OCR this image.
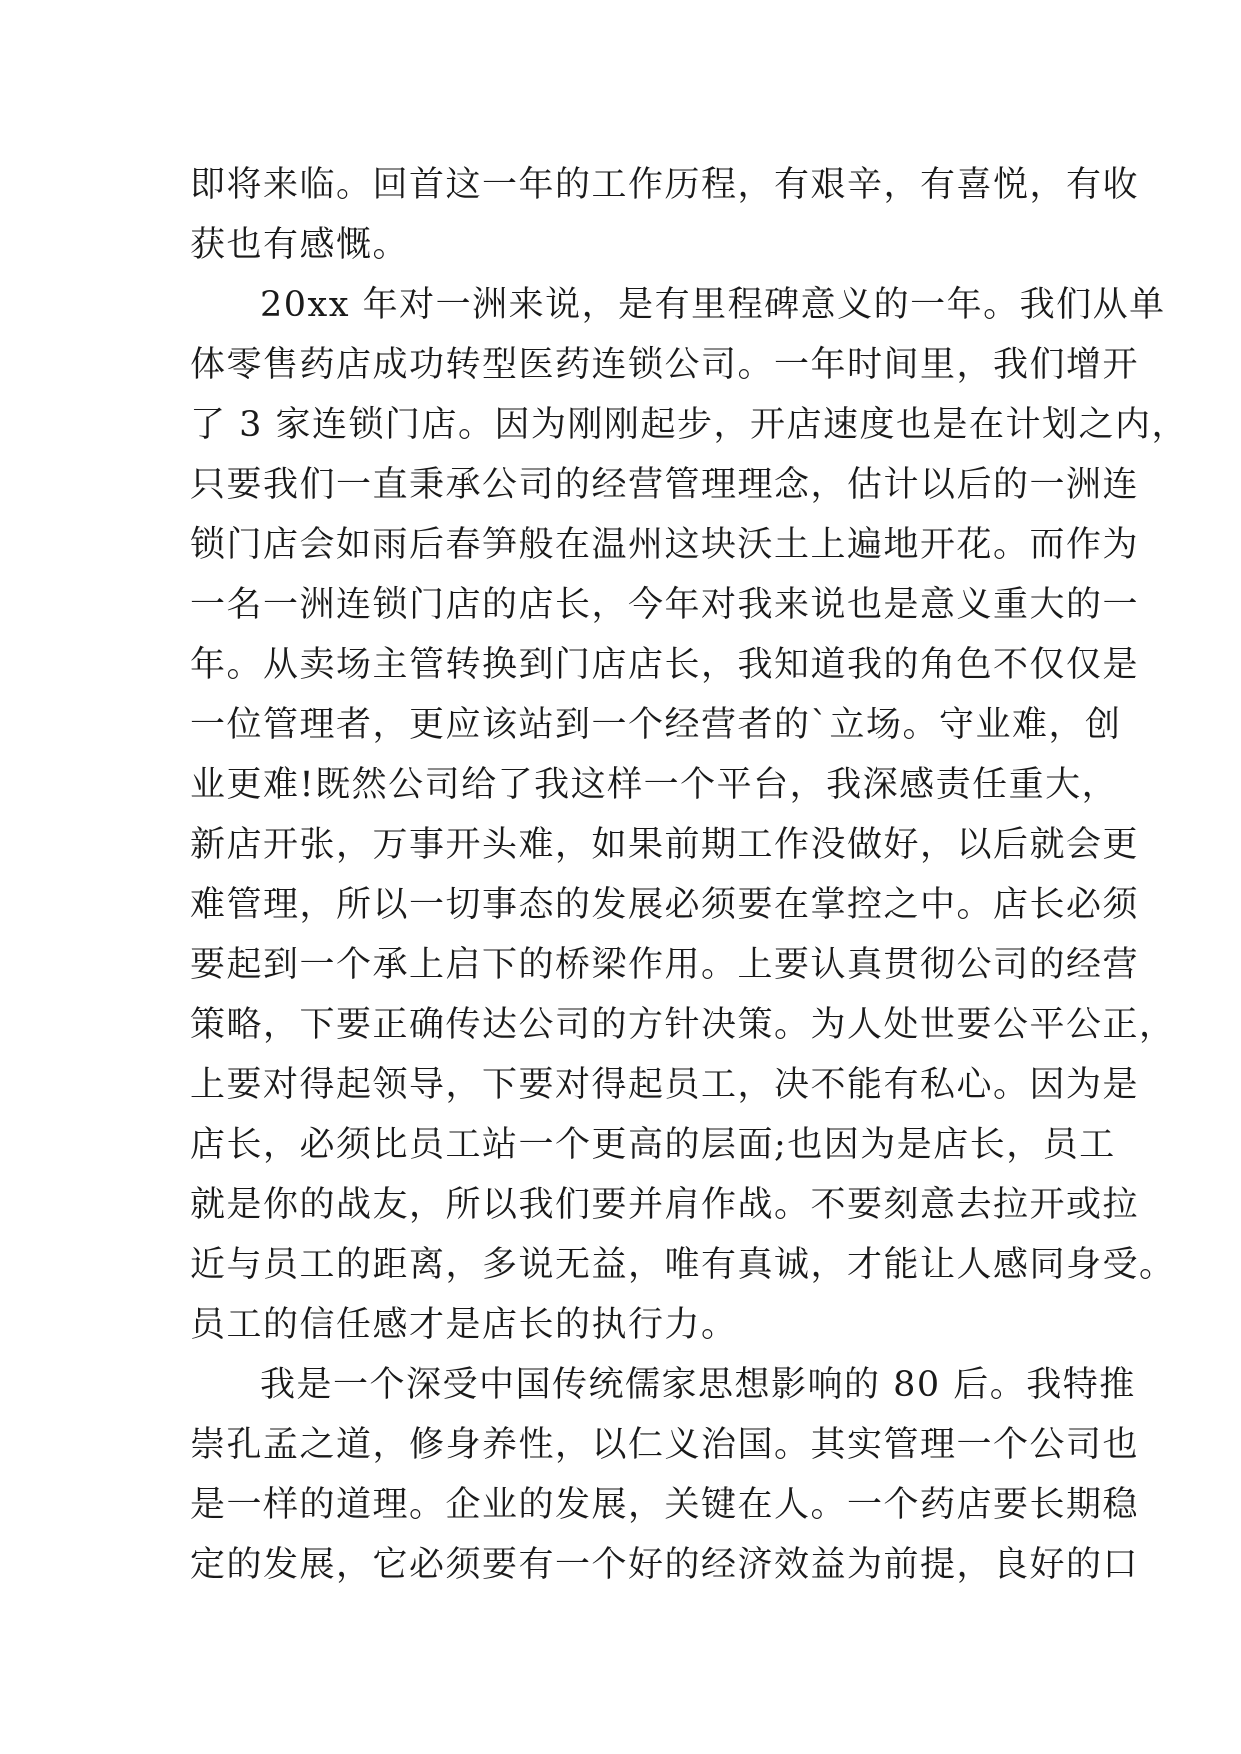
即将来临。回首这一年的工作历程，有艰辛，有喜悦，有收
获也有感慨。
20xx 年对一洲来说，是有里程碑意义的一年。我们从单
体零售药店成功转型医药连锁公司。一年时间里，我们增开
了 3 家连锁门店。因为刚刚起步，开店速度也是在计划之内，
只要我们一直秉承公司的经营管理理念，估计以后的一洲连
锁门店会如雨后春笋般在温州这块沃土上遍地开花。而作为
一名一洲连锁门店的店长，今年对我来说也是意义重大的一
年。从卖场主管转换到门店店长，我知道我的角色不仅仅是
一位管理者，更应该站到一个经营者的`立场。守业难，创
业更难!既然公司给了我这样一个平台，我深感责任重大，
新店开张，万事开头难，如果前期工作没做好，以后就会更
难管理，所以一切事态的发展必须要在掌控之中。店长必须
要起到一个承上启下的桥梁作用。上要认真贯彻公司的经营
策略，下要正确传达公司的方针决策。为人处世要公平公正，
上要对得起领导，下要对得起员工，决不能有私心。因为是
店长，必须比员工站一个更高的层面;也因为是店长，员工
就是你的战友，所以我们要并肩作战。不要刻意去拉开或拉
近与员工的距离，多说无益，唯有真诚，才能让人感同身受。
员工的信任感才是店长的执行力。
我是一个深受中国传统儒家思想影响的 80 后。我特推
崇孔孟之道，修身养性，以仁义治国。其实管理一个公司也
是一样的道理。企业的发展，关键在人。一个药店要长期稳
定的发展，它必须要有一个好的经济效益为前提，良好的口
